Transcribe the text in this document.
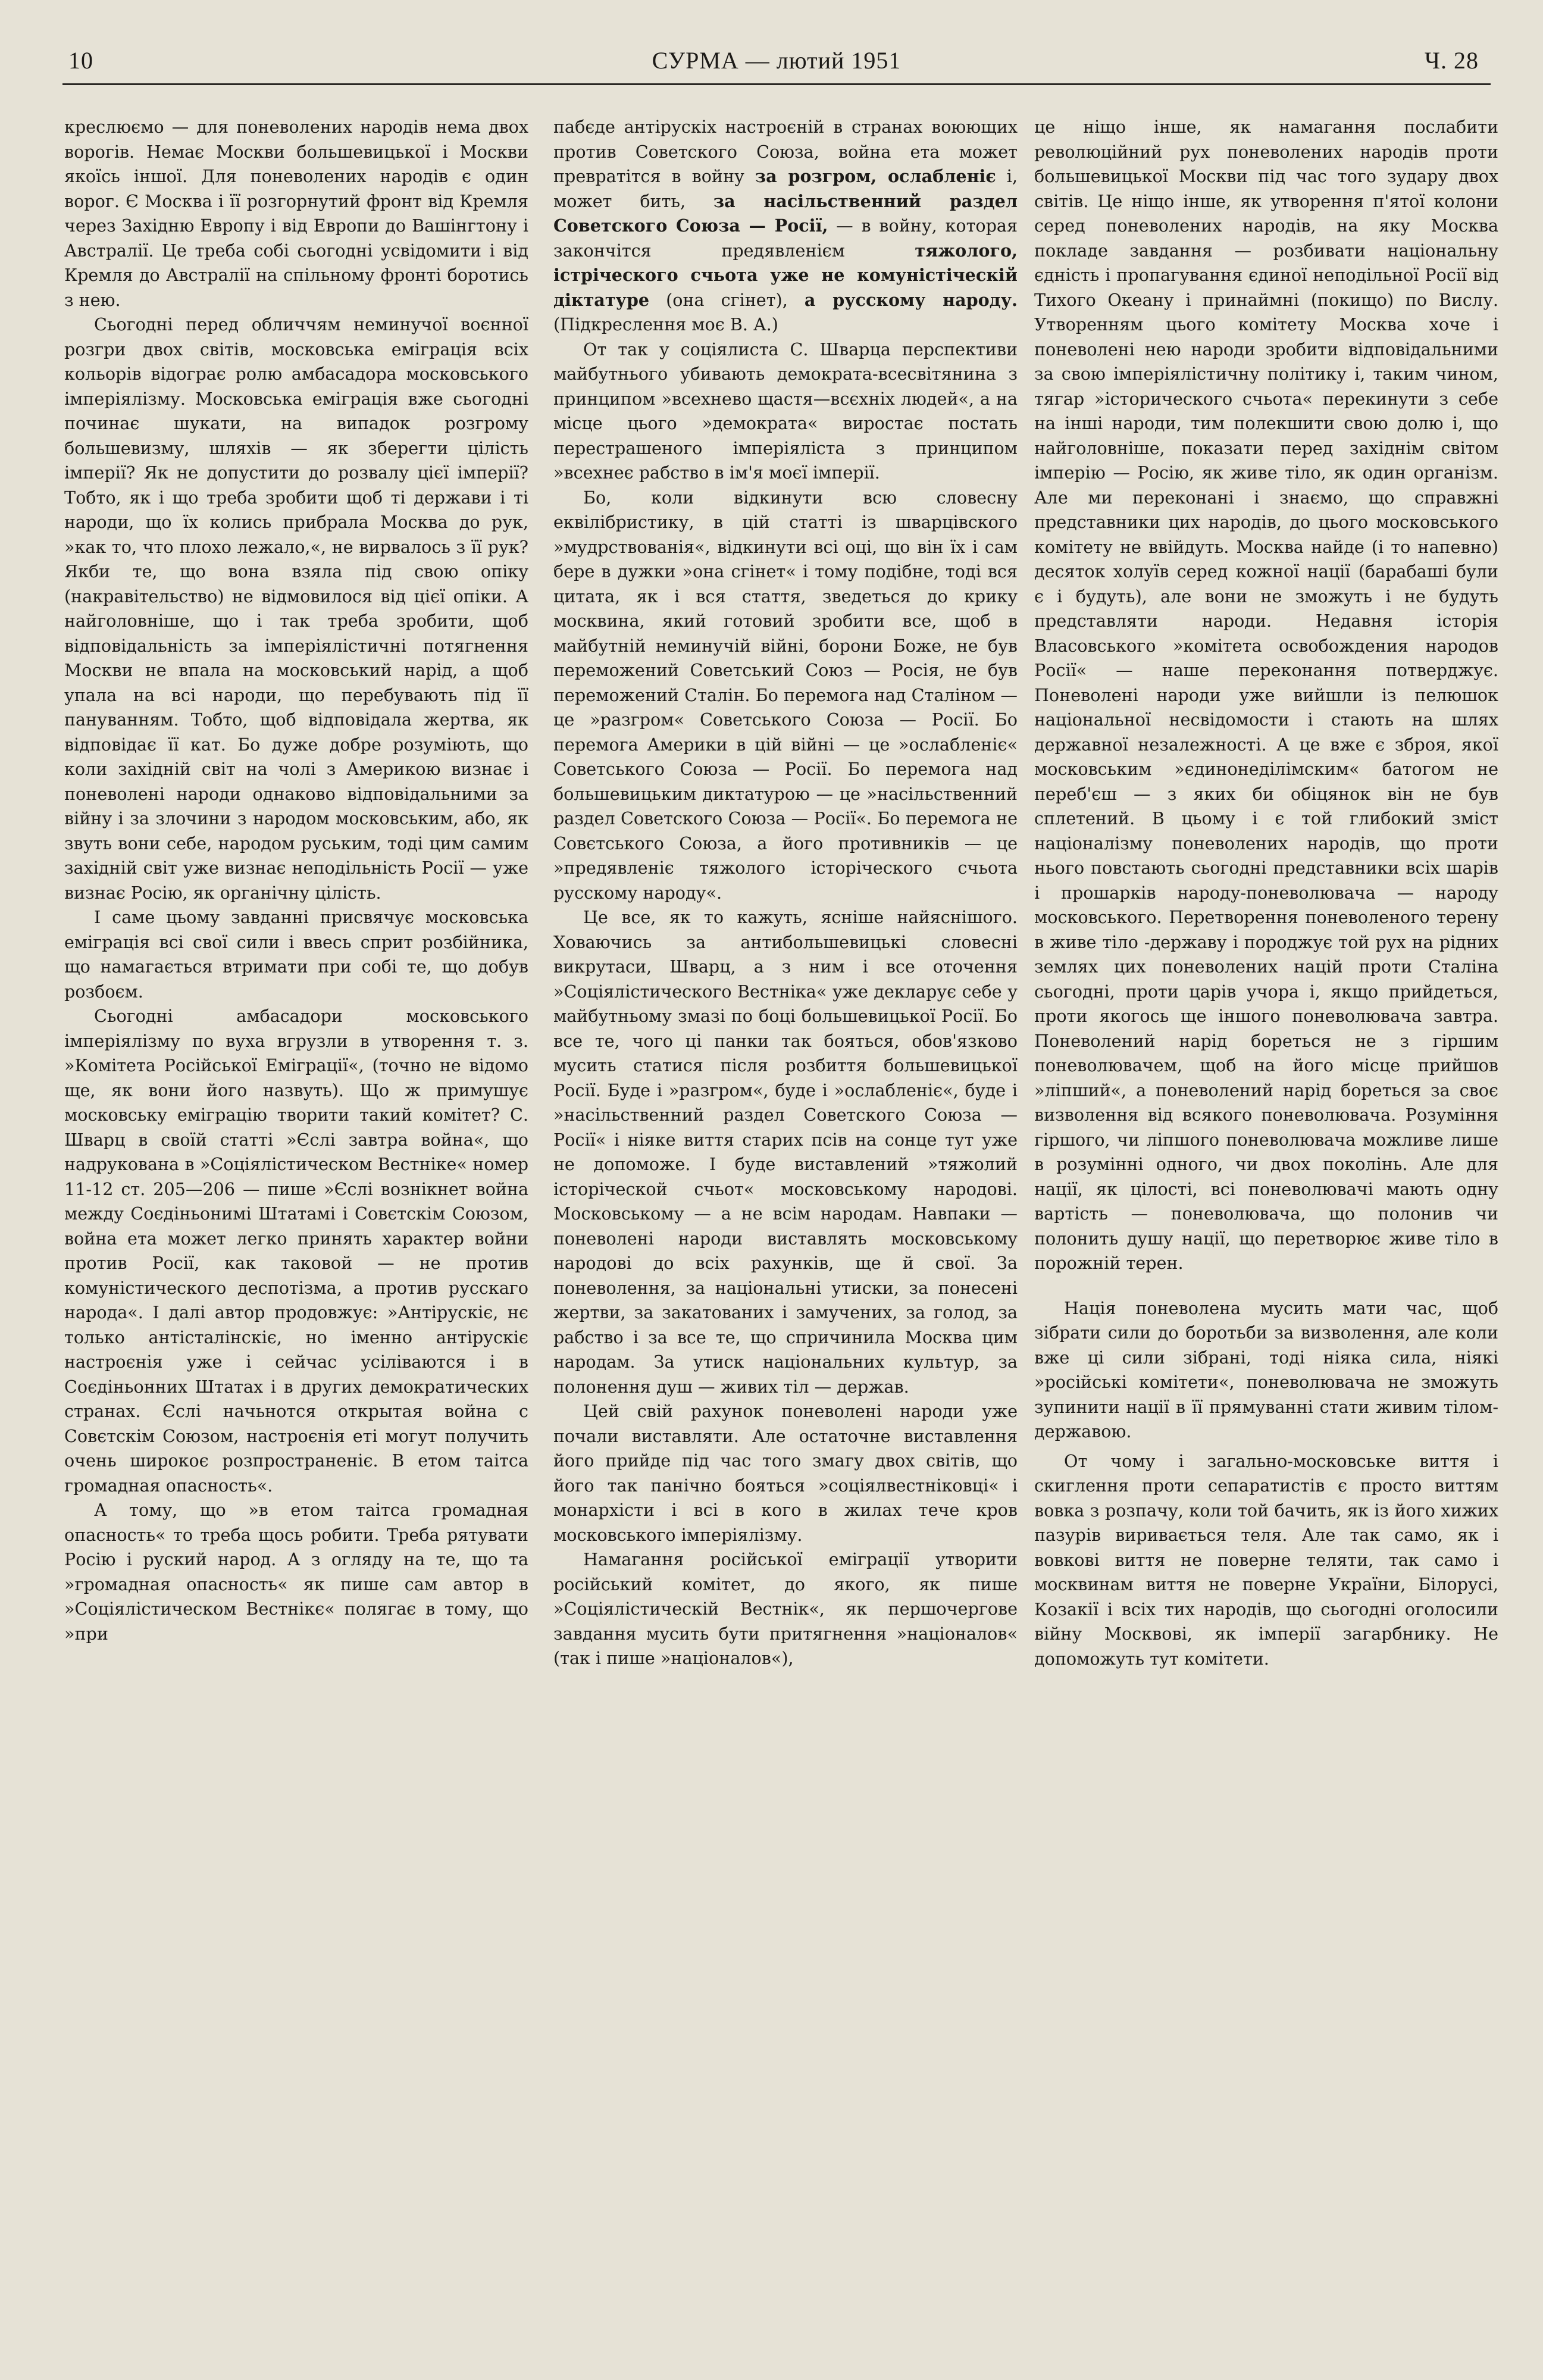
10	СУРМА — лютий 1951	Ч. 28

креслюємо — для поневолених народів нема двох ворогів. Немає Москви большевицької і Москви якоїсь іншої. Для поневолених народів є один ворог. Є Москва і її розгорнутий фронт від Кремля через Західню Европу і від Европи до Вашінгтону і Австралії. Це треба собі сьогодні усвідомити і від Кремля до Австралії на спільному фронті боротись з нею.

Сьогодні перед обличчям неминучої воєнної розгри двох світів, московська еміграція всіх кольорів відограє ролю амбасадора московського імперіялізму. Московська еміграція вже сьогодні починає шукати, на випадок розгрому большевизму, шляхів — як зберегти цілість імперії? Як не допустити до розвалу цієї імперії? Тобто, як і що треба зробити щоб ті держави і ті народи, що їх колись прибрала Москва до рук, »как то, что плохо лежало,«, не вирвалось з її рук? Якби те, що вона взяла під свою опіку (накравітельство) не відмовилося від цієї опіки. А найголовніше, що і так треба зробити, щоб відповідальність за імперіялістичні потягнення Москви не впала на московський нарід, а щоб упала на всі народи, що перебувають під її пануванням. Тобто, щоб відповідала жертва, як відповідає її кат. Бо дуже добре розуміють, що коли західній світ на чолі з Америкою визнає і поневолені народи однаково відповідальними за війну і за злочини з народом московським, або, як звуть вони себе, народом руським, тоді цим самим західній світ уже визнає неподільність Росії — уже визнає Росію, як органічну цілість.

І саме цьому завданні присвячує московська еміграція всі свої сили і ввесь сприт розбійника, що намагається втримати при собі те, що добув розбоєм.

Сьогодні амбасадори московського імперіялізму по вуха вгрузли в утворення т. з. »Комітета Російської Еміграції«, (точно не відомо ще, як вони його назвуть). Що ж примушує московську еміграцію творити такий комітет? С. Шварц в своїй статті »Єслі завтра война«, що надрукована в »Соціялістическом Вестніке« номер 11-12 ст. 205—206 — пише »Єслі вознікнет война между Соєдіньонимі Штатамі і Совєтскім Союзом, война ета может легко принять характер войни против Росії, как таковой — не против комуністического деспотізма, а против русскаго народа«. І далі автор продовжує: »Антірускіє, нє только антісталінскіє, но іменно антірускіє настроєнія уже і сейчас усілівaются і в Соєдіньонних Штатах і в других демократических странах. Єслі начьнотся открытая война с Совєтскім Союзом, настроєнія еті могут получить очень широкоє розпространеніє. В етом таітса громадная опасность«.

А тому, що »в етом таітса громадная опасность« то треба щось робити. Треба рятувати Росію і руский народ. А з огляду на те, що та »громадная опасность« як пише сам автор в »Соціялістическом Вестнікє« полягає в тому, що »при

пабєде антірускіх настроєній в странах воюющих против Советского Союза, война ета может превратітся в войну за розгром, ослабленіє і, может бить, за насільственний раздел Советского Союза — Росії, — в войну, которая закончітся предявленієм	тяжолого, істрічеcкого счьота уже не комуністічеcкій діктатуре (она сгінет), а русскому народу. (Підкреслення моє В. А.)

От так у соціялиста С. Шварца перспективи майбутнього убивають демократа-всесвітянина з принципом »всехнево щастя—всєхніх людей«, а на місце цього »демократа« виростає постать перестрашеного імперіяліста з принципом »всехнеє рабство в ім'я моєї імперії.

Бо, коли відкинути всю словесну еквілібристику, в цій статті із шварцівского »мудрствованія«, відкинути всі оці, що він їх і сам бере в дужки »она сгінет« і тому подібне, тоді вся цитата, як і вся стаття, зведеться до крику москвина, який готовий зробити все, щоб в майбутній неминучій війні, борони Боже, не був переможений Советський Союз — Росія, не був переможений Сталін. Бо перемога над Сталіном — це »разгром« Советського Союза — Росії. Бо перемога Америки в цій війні — це »ослабленіє« Советського Союза — Росії. Бо перемога над большевицьким диктатурою — це »насільственний раздел Советского Союза — Росії«. Бо перемога не Совєтського Союза, а його противників — це »предявленіє тяжолого історіческого счьота русскому народу«.

Це все, як то кажуть, ясніше найяснішого. Ховаючись за антибольшевицькі словесні викрутаси, Шварц, а з ним і все оточення »Соціялістического Вестніка« уже декларує себе у майбутньому змазі по боці большевицької Росії. Бо все те, чого ці панки так бояться, обов'язково мусить статися після розбиття большевицької Росії. Буде і »разгром«, буде і »ослабленіє«, буде і »насільственний раздел Советского Союза — Росії« і ніяке виття старих псів на сонце тут уже не допоможе. І буде виставлений »тяжолий історіческой счьот« московському народові. Московському — а не всім народам. Навпаки — поневолені народи виставлять московському народові до всіх рахунків, ще й свої. За поневолення, за національні утиски, за понесені жертви, за закатованих і замучених, за голод, за рабство і за все те, що спричинила Москва цим народам. За утиск національних культур, за полонення душ — живих тіл — держав.

Цей свій рахунок поневолені народи уже почали виставляти. Але остаточне виставлення його прийде під час того змагу двох світів, що його так панічно бояться »соціялвестніковці« і монархісти і всі в кого в жилах тече кров московського імперіялізму.

Намагання російської еміграції утворити російський комітет, до якого, як пише »Соціялістическій Вестнік«, як першочергове завдання мусить бути притягнення »націоналов« (так і пише »націоналов«),

це ніщо інше, як намагання послабити революційний рух поневолених народів проти большевицької Москви під час того зудару двох світів. Це ніщо інше, як утворення п'ятої колони серед поневолених народів, на яку Москва покладе завдання — розбивати національну єдність і пропагування єдиної неподільної Росії від Тихого Океану і принаймні (покищо) по Вислу. Утворенням цього комітету Москва хоче і поневолені нею народи зробити відповідальними за свою імперіялістичну політику і, таким чином, тягар »історического счьота« перекинути з себе на інші народи, тим полекшити свою долю і, що найголовніше, показати перед західнім світом імперію — Росію, як живе тіло, як один організм. Але ми переконані і знаємо, що справжні представники цих народів, до цього московського комітету не ввійдуть. Москва найде (і то напевно) десяток холуїв серед кожної нації (барабаші були є і будуть), але вони не зможуть і не будуть представляти народи. Недавня історія Власовського »комітета освобождения народов Росії« — наше переконання потверджує. Поневолені народи уже вийшли із пелюшок національної несвідомости і стають на шлях державної незалежності. А це вже є зброя, якої московським »єдинонеділімским« батогом не переб'єш — з яких би обіцянок він не був сплетений. В цьому і є той глибокий зміст націоналізму поневолених народів, що проти нього повстають сьогодні представники всіх шарів і прошарків народу-поневолювача — народу московського. Перетворення поневоленого терену в живе тіло -державу і породжує той рух на рідних землях цих поневолених націй проти Сталіна сьогодні, проти царів учора і, якщо прийдеться, проти якогось ще іншого поневолювача завтра. Поневолений нарід бореться не з гіршим поневолювачем, щоб на його місце прийшов »ліпший«, а поневолений нарід бореться за своє визволення від всякого поневолювача. Розуміння гіршого, чи ліпшого поневолювача можливе лише в розумінні одного, чи двох поколінь. Але для нації, як цілості, всі поневолювачі мають одну вартість — поневолювача, що полонив чи полонить душу нації, що перетворює живе тіло в порожній терен.

Нація поневолена мусить мати час, щоб зібрати сили до боротьби за визволення, але коли вже ці сили зібрані, тоді ніяка сила, ніякі »російські комітети«, поневолювача не зможуть зупинити нації в її прямуванні стати живим тілом-державою.

От чому і загально-московське виття і скиглення проти сепаратистів є просто виттям вовка з розпачу, коли той бачить, як із його хижих пазурів виривається теля. Але так само, як і вовкові виття не поверне теляти, так само і москвинам виття не поверне України, Білорусі, Козакії і всіх тих народів, що сьогодні оголосили війну Москвові, як імперії загарбнику. Не допоможуть тут комітети.
